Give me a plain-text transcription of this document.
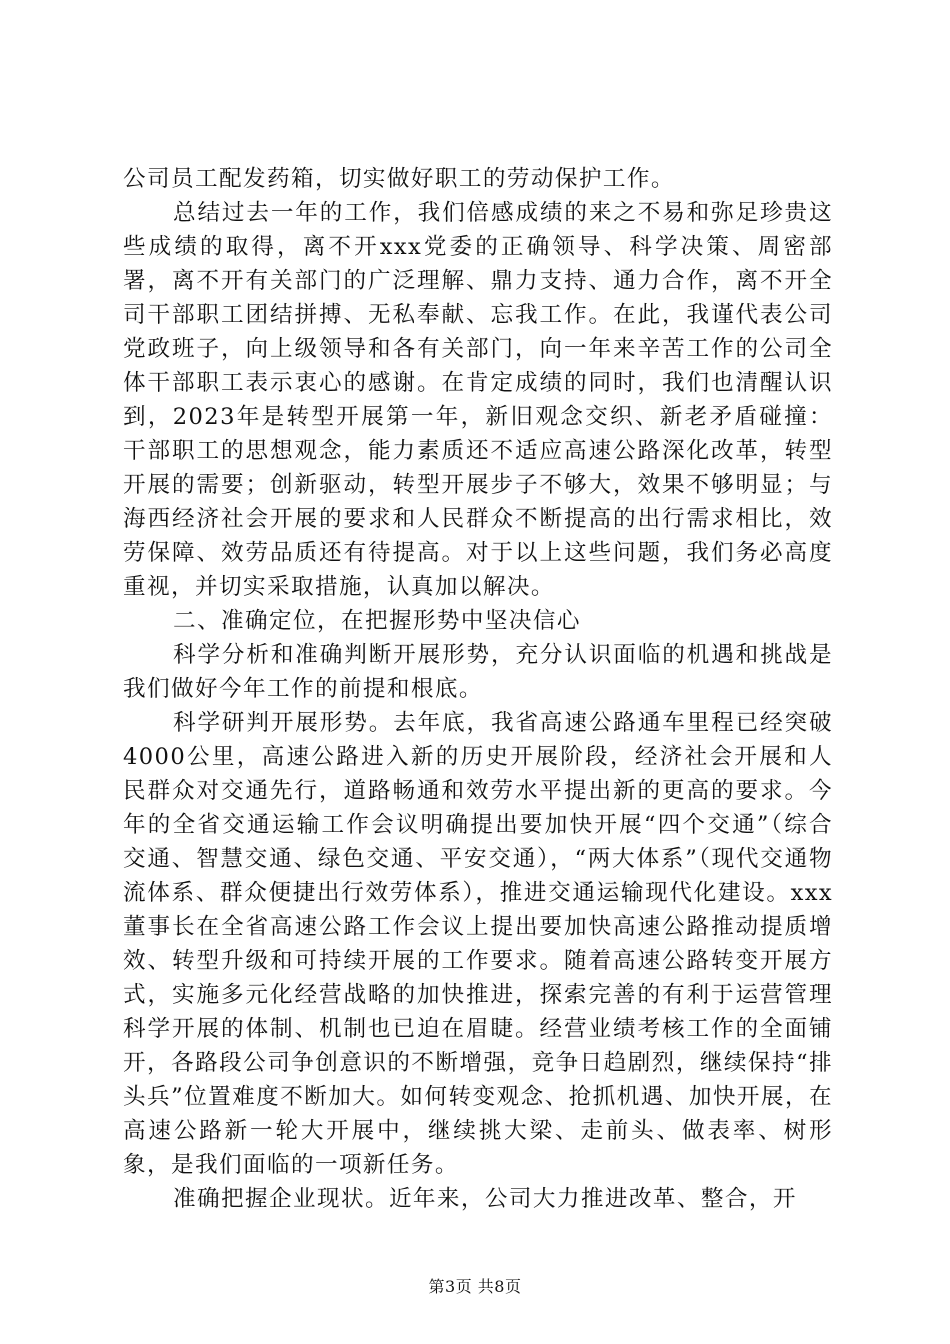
公司员工配发药箱，切实做好职工的劳动保护工作。

总结过去一年的工作，我们倍感成绩的来之不易和弥足珍贵这些成绩的取得，离不开xxx党委的正确领导、科学决策、周密部署，离不开有关部门的广泛理解、鼎力支持、通力合作，离不开全司干部职工团结拼搏、无私奉献、忘我工作。在此，我谨代表公司党政班子，向上级领导和各有关部门，向一年来辛苦工作的公司全体干部职工表示衷心的感谢。在肯定成绩的同时，我们也清醒认识到，2023年是转型开展第一年，新旧观念交织、新老矛盾碰撞：干部职工的思想观念，能力素质还不适应高速公路深化改革，转型开展的需要；创新驱动，转型开展步子不够大，效果不够明显；与海西经济社会开展的要求和人民群众不断提高的出行需求相比，效劳保障、效劳品质还有待提高。对于以上这些问题，我们务必高度重视，并切实采取措施，认真加以解决。

二、准确定位，在把握形势中坚决信心

科学分析和准确判断开展形势，充分认识面临的机遇和挑战是我们做好今年工作的前提和根底。

科学研判开展形势。去年底，我省高速公路通车里程已经突破4000公里，高速公路进入新的历史开展阶段，经济社会开展和人民群众对交通先行，道路畅通和效劳水平提出新的更高的要求。今年的全省交通运输工作会议明确提出要加快开展“四个交通”（综合交通、智慧交通、绿色交通、平安交通），“两大体系”（现代交通物流体系、群众便捷出行效劳体系），推进交通运输现代化建设。xxx董事长在全省高速公路工作会议上提出要加快高速公路推动提质增效、转型升级和可持续开展的工作要求。随着高速公路转变开展方式，实施多元化经营战略的加快推进，探索完善的有利于运营管理科学开展的体制、机制也已迫在眉睫。经营业绩考核工作的全面铺开，各路段公司争创意识的不断增强，竞争日趋剧烈，继续保持“排头兵”位置难度不断加大。如何转变观念、抢抓机遇、加快开展，在高速公路新一轮大开展中，继续挑大梁、走前头、做表率、树形象，是我们面临的一项新任务。

准确把握企业现状。近年来，公司大力推进改革、整合，开

第3页 共8页
